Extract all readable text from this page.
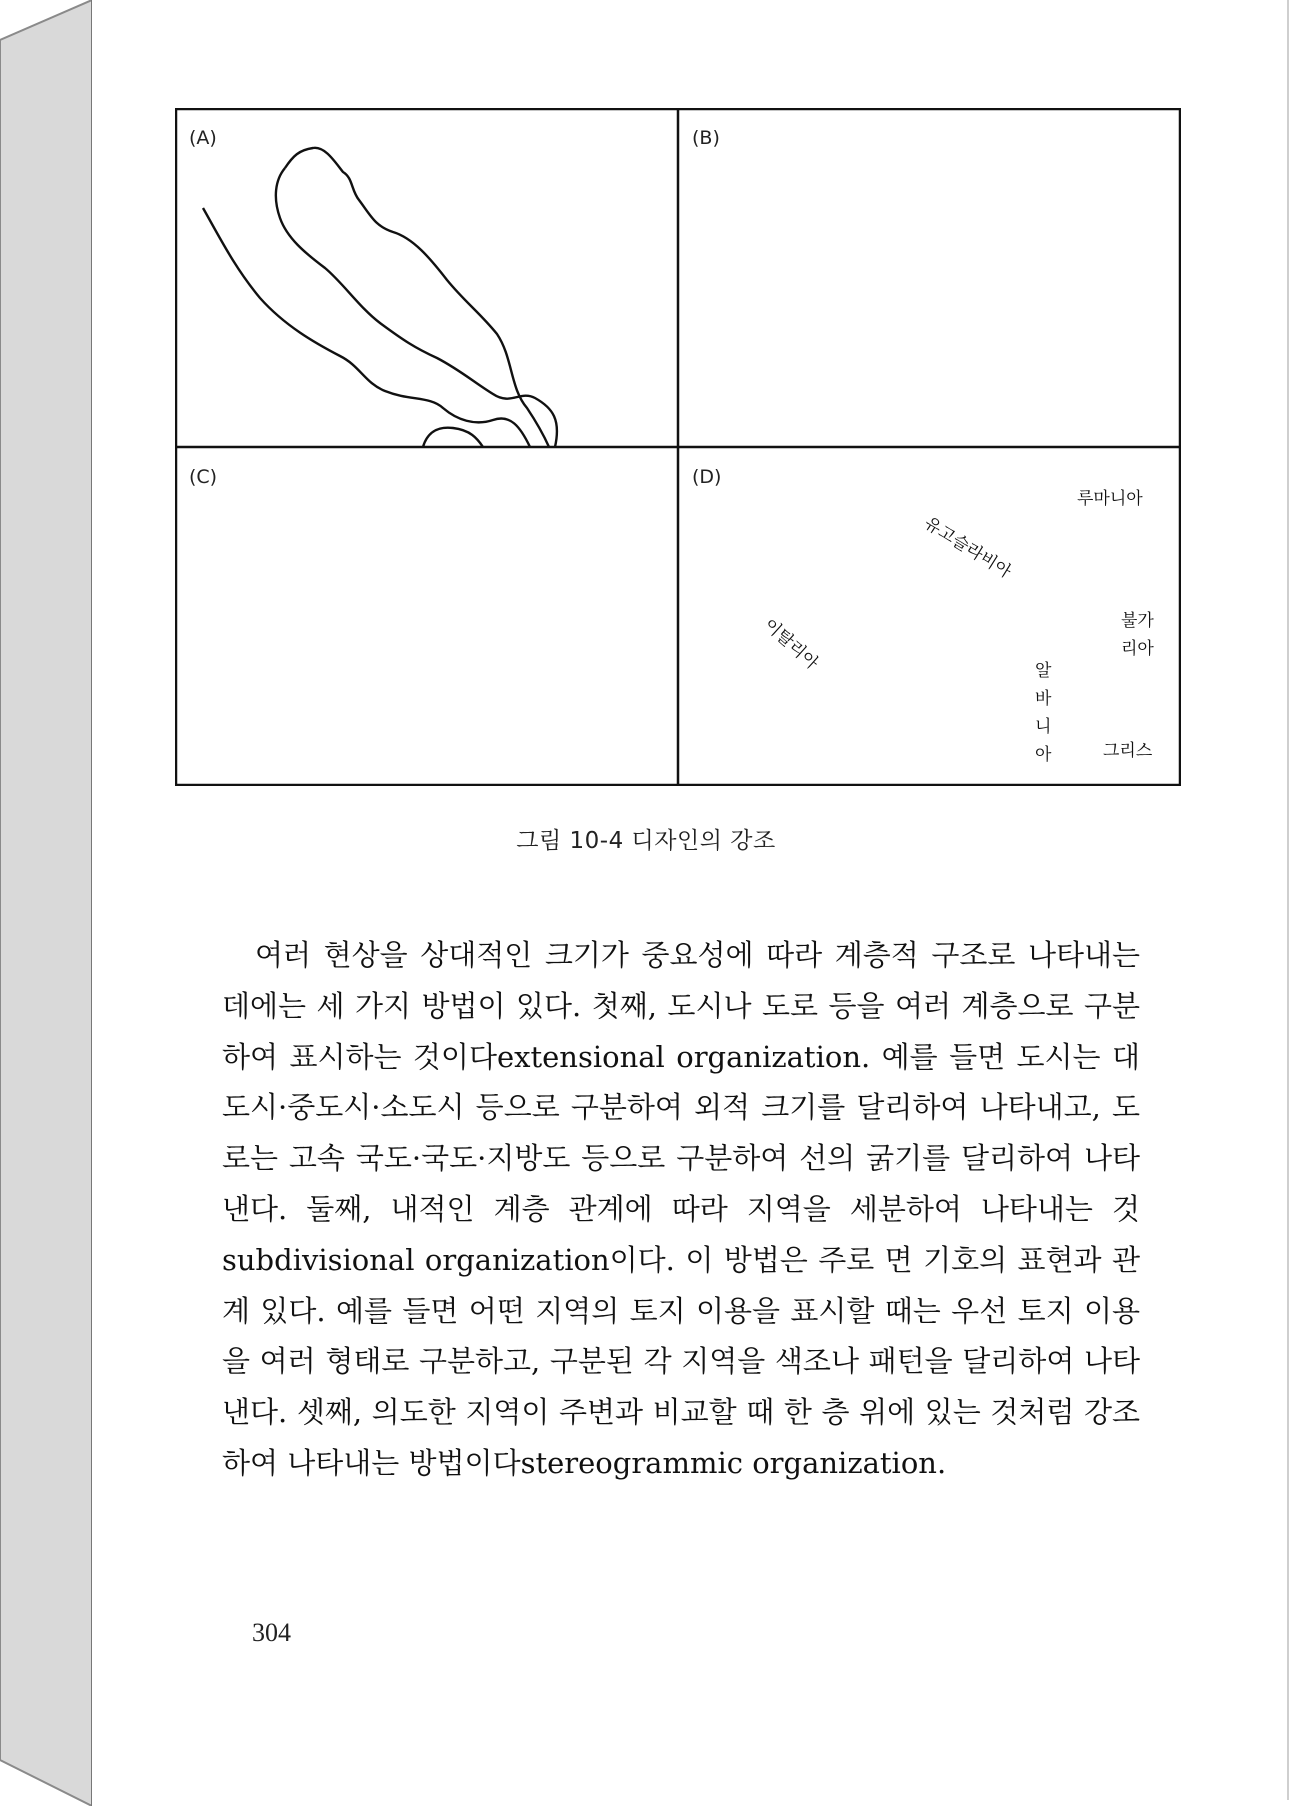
(A)	(B)
(C)	(D)
루마니아
유고슬라비아
불가
리아
이탈리아	알
바
니
아	그리스
그림 10-4 디자인의 강조

여러 현상을 상대적인 크기가 중요성에 따라 계층적 구조로 나타내는 데에는 세 가지 방법이 있다. 첫째, 도시나 도로 등을 여러 계층으로 구분하여 표시하는 것이다extensional organization. 예를 들면 도시는 대도시·중도시·소도시 등으로 구분하여 외적 크기를 달리하여 나타내고, 도로는 고속 국도·국도·지방도 등으로 구분하여 선의 굵기를 달리하여 나타낸다. 둘째, 내적인 계층 관계에 따라 지역을 세분하여 나타내는 것subdivisional organization이다. 이 방법은 주로 면 기호의 표현과 관계 있다. 예를 들면 어떤 지역의 토지 이용을 표시할 때는 우선 토지 이용을 여러 형태로 구분하고, 구분된 각 지역을 색조나 패턴을 달리하여 나타낸다. 셋째, 의도한 지역이 주변과 비교할 때 한 층 위에 있는 것처럼 강조하여 나타내는 방법이다stereogrammic organization.

304
